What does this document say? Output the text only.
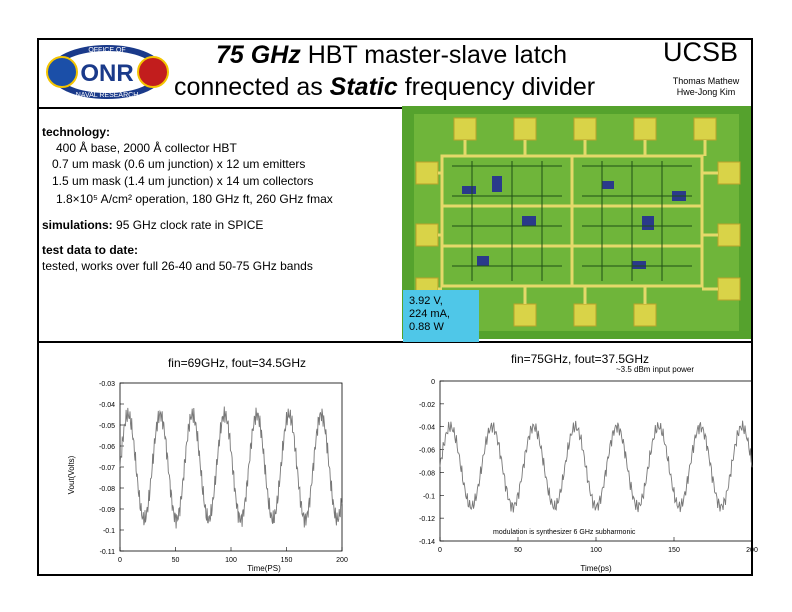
ONR
OFFICE OF
NAVAL RESEARCH
75 GHz HBT master-slave latch
connected as Static frequency divider
UCSB
Thomas Mathew
Hwe-Jong Kim
technology:
400 Å base, 2000 Å collector HBT
0.7 um mask (0.6 um junction) x 12 um emitters
1.5 um mask (1.4 um junction) x 14 um collectors
1.8×10⁵ A/cm² operation, 180 GHz ft, 260 GHz fmax
simulations: 95 GHz clock rate in SPICE
test data to date:
tested, works over full 26-40 and 50-75 GHz bands
3.92 V,
224 mA,
0.88 W
fin=69GHz, fout=34.5GHz
Vout(Volts)
Time(PS)
-0.03
-0.04
-0.05
-0.06
-0.07
-0.08
-0.09
-0.1
-0.11
0	50	100	150	200
fin=75GHz, fout=37.5GHz
~3.5 dBm input power
modulation is synthesizer 6 GHz subharmonic
Time(ps)
0
-0.02
-0.04
-0.06
-0.08
-0.1
-0.12
-0.14
0	50	100	150	200
